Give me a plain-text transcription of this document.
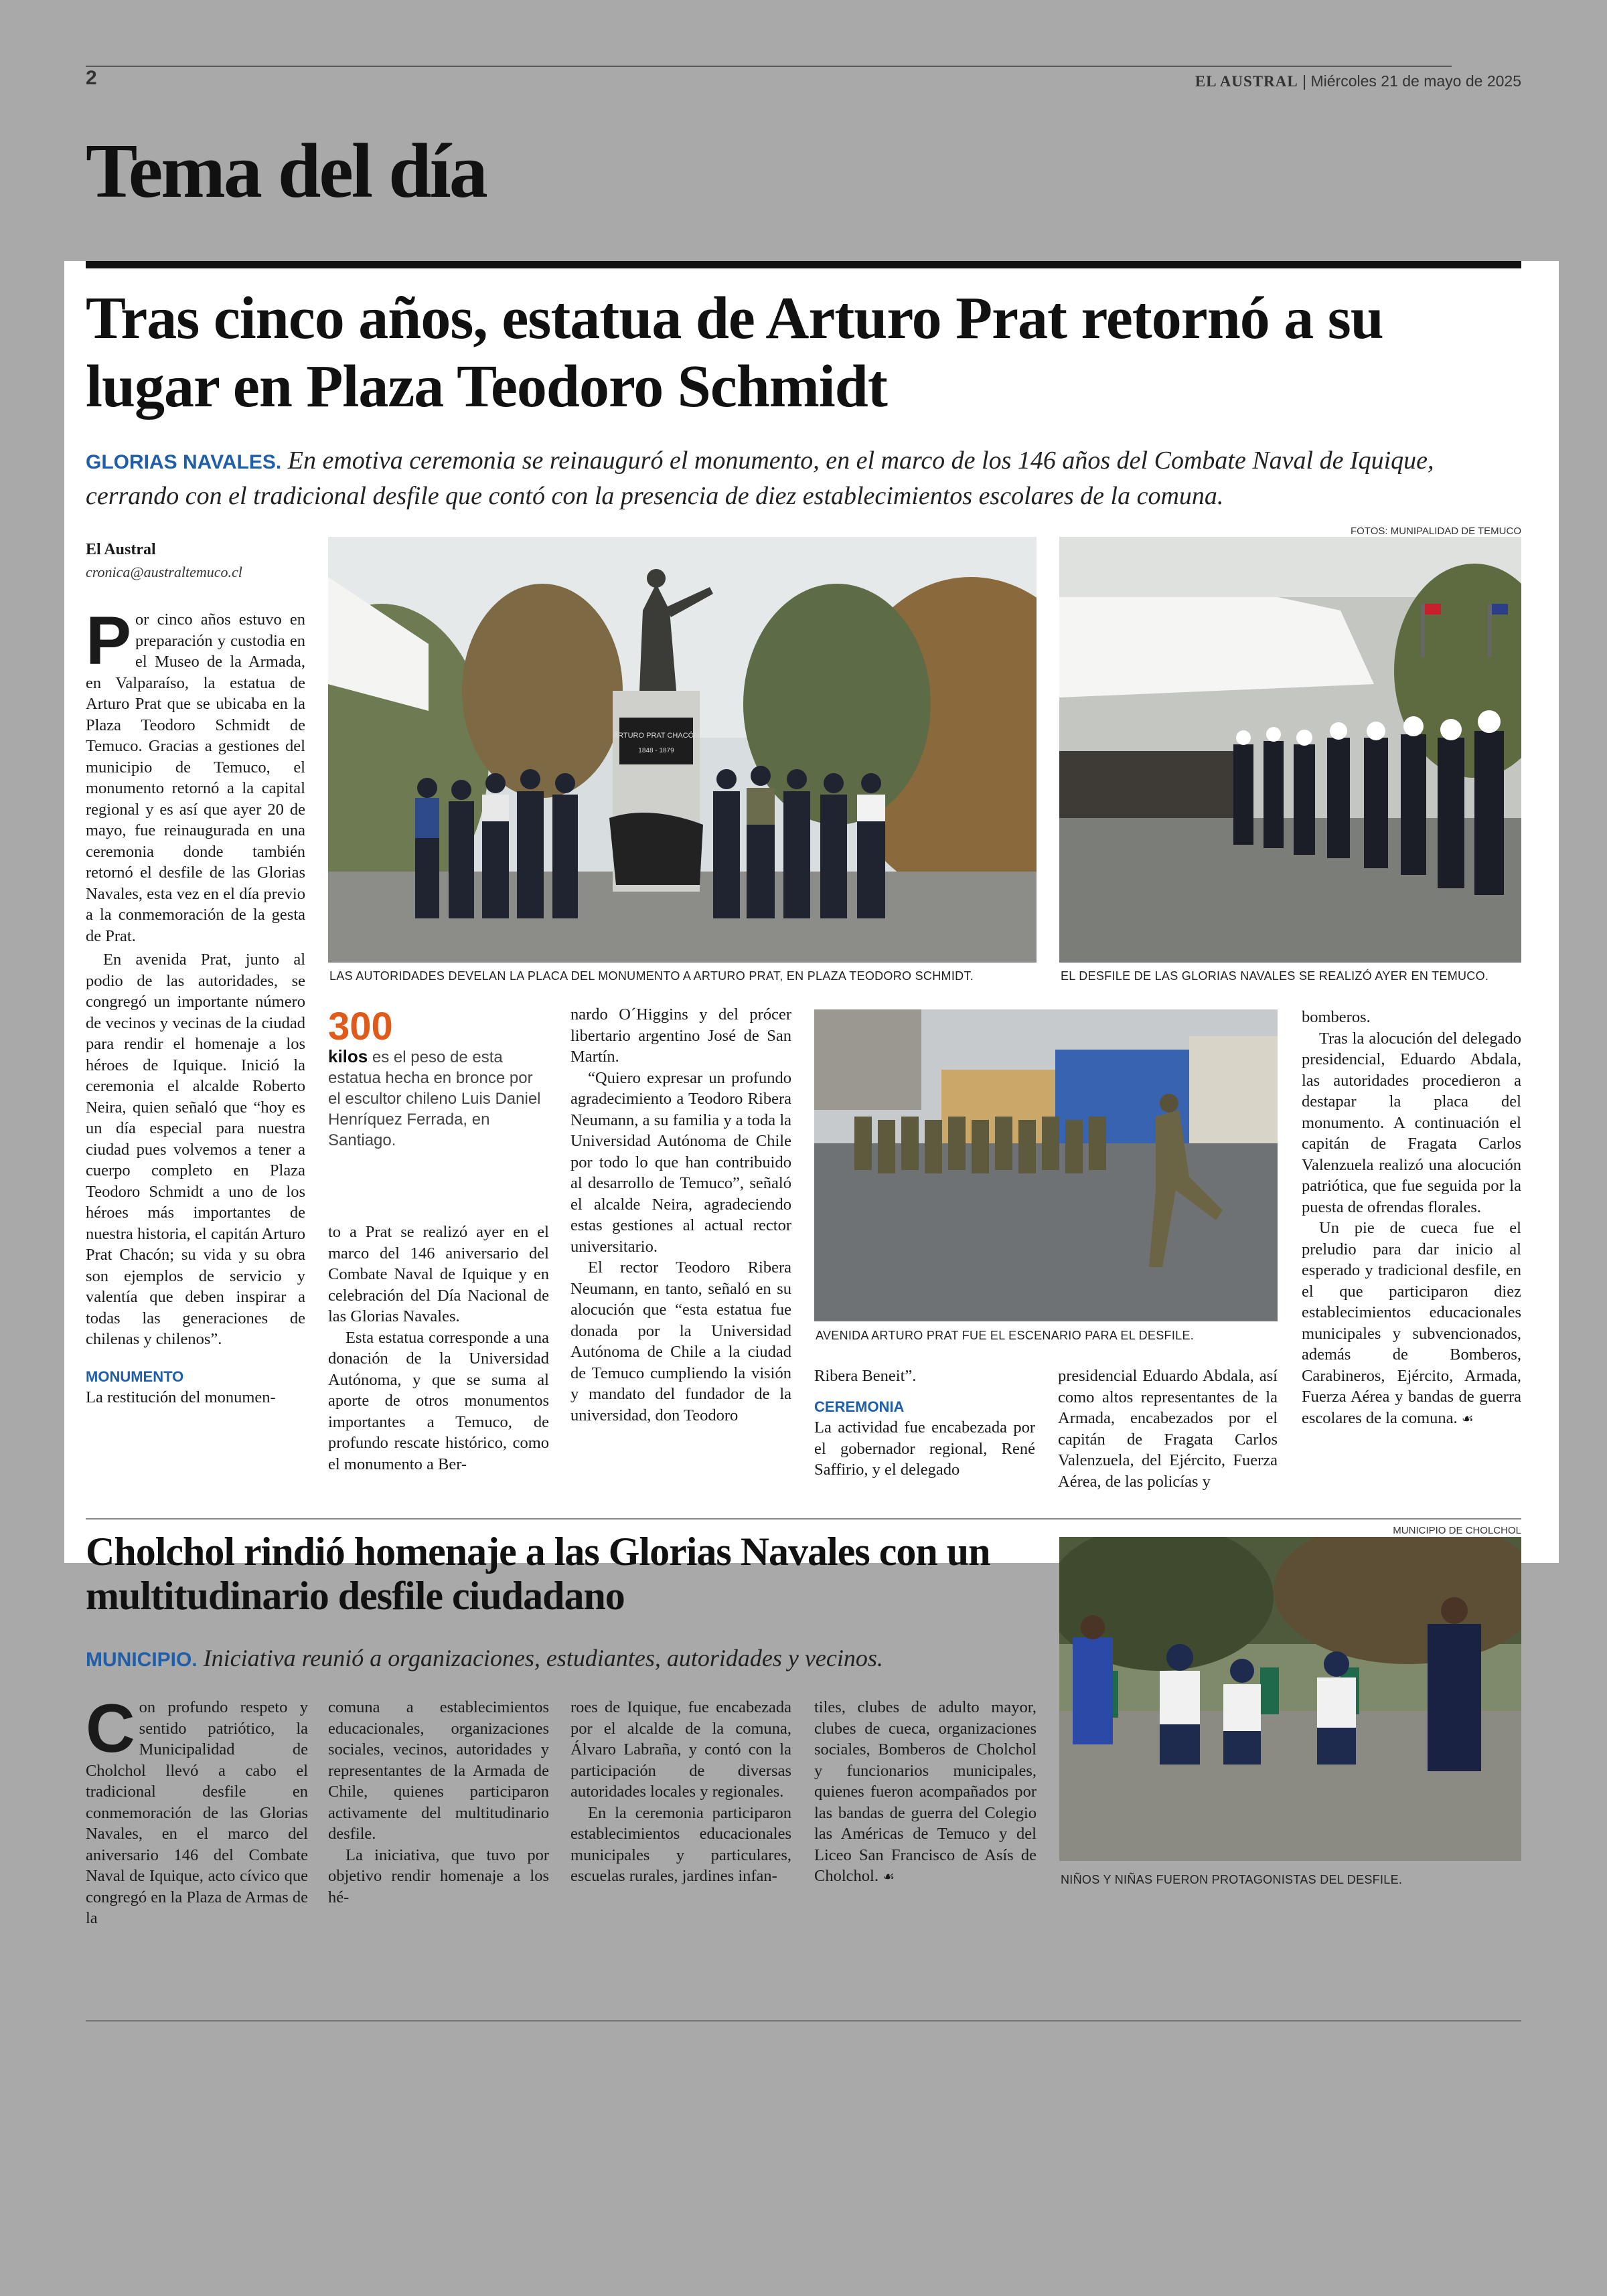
2	EL AUSTRAL | Miércoles 21 de mayo de 2025
Tema del día
Tras cinco años, estatua de Arturo Prat retornó a su lugar en Plaza Teodoro Schmidt
GLORIAS NAVALES. En emotiva ceremonia se reinauguró el monumento, en el marco de los 146 años del Combate Naval de Iquique, cerrando con el tradicional desfile que contó con la presencia de diez establecimientos escolares de la comuna.
FOTOS: MUNIPALIDAD DE TEMUCO
El Austral
cronica@australtemuco.cl
ARTURO PRAT CHACÓN
1848 - 1879
LAS AUTORIDADES DEVELAN LA PLACA DEL MONUMENTO A ARTURO PRAT, EN PLAZA TEODORO SCHMIDT.	EL DESFILE DE LAS GLORIAS NAVALES SE REALIZÓ AYER EN TEMUCO.

Por cinco años estuvo en preparación y custodia en el Museo de la Armada, en Valparaíso, la estatua de Arturo Prat que se ubicaba en la Plaza Teodoro Schmidt de Temuco. Gracias a gestiones del municipio de Temuco, el monumento retornó a la capital regional y es así que ayer 20 de mayo, fue reinaugurada en una ceremonia donde también retornó el desfile de las Glorias Navales, esta vez en el día previo a la conmemoración de la gesta de Prat.

En avenida Prat, junto al podio de las autoridades, se congregó un importante número de vecinos y vecinas de la ciudad para rendir el homenaje a los héroes de Iquique. Inició la ceremonia el alcalde Roberto Neira, quien señaló que “hoy es un día especial para nuestra ciudad pues volvemos a tener a cuerpo completo en Plaza Teodoro Schmidt a uno de los héroes más importantes de nuestra historia, el capitán Arturo Prat Chacón; su vida y su obra son ejemplos de servicio y valentía que deben inspirar a todas las generaciones de chilenas y chilenos”.

MONUMENTO

La restitución del monumen-

300
kilos es el peso de esta estatua hecha en bronce por el escultor chileno Luis Daniel Henríquez Ferrada, en Santiago.

to a Prat se realizó ayer en el marco del 146 aniversario del Combate Naval de Iquique y en celebración del Día Nacional de las Glorias Navales.

Esta estatua corresponde a una donación de la Universidad Autónoma, y que se suma al aporte de otros monumentos importantes a Temuco, de profundo rescate histórico, como el monumento a Ber-

nardo O´Higgins y del prócer libertario argentino José de San Martín.

“Quiero expresar un profundo agradecimiento a Teodoro Ribera Neumann, a su familia y a toda la Universidad Autónoma de Chile por todo lo que han contribuido al desarrollo de Temuco”, señaló el alcalde Neira, agradeciendo estas gestiones al actual rector universitario.

El rector Teodoro Ribera Neumann, en tanto, señaló en su alocución que “esta estatua fue donada por la Universidad Autónoma de Chile a la ciudad de Temuco cumpliendo la visión y mandato del fundador de la universidad, don Teodoro

AVENIDA ARTURO PRAT FUE EL ESCENARIO PARA EL DESFILE.

Ribera Beneit”.

CEREMONIA

La actividad fue encabezada por el gobernador regional, René Saffirio, y el delegado

presidencial Eduardo Abdala, así como altos representantes de la Armada, encabezados por el capitán de Fragata Carlos Valenzuela, del Ejército, Fuerza Aérea, de las policías y

bomberos.

Tras la alocución del delegado presidencial, Eduardo Abdala, las autoridades procedieron a destapar la placa del monumento. A continuación el capitán de Fragata Carlos Valenzuela realizó una alocución patriótica, que fue seguida por la puesta de ofrendas florales.

Un pie de cueca fue el preludio para dar inicio al esperado y tradicional desfile, en el que participaron diez establecimientos educacionales municipales y subvencionados, además de Bomberos, Carabineros, Ejército, Armada, Fuerza Aérea y bandas de guerra escolares de la comuna. ☙

MUNICIPIO DE CHOLCHOL
Cholchol rindió homenaje a las Glorias Navales con un multitudinario desfile ciudadano
MUNICIPIO. Iniciativa reunió a organizaciones, estudiantes, autoridades y vecinos.

Con profundo respeto y sentido patriótico, la Municipalidad de Cholchol llevó a cabo el tradicional desfile en conmemoración de las Glorias Navales, en el marco del aniversario 146 del Combate Naval de Iquique, acto cívico que congregó en la Plaza de Armas de la

comuna a establecimientos educacionales, organizaciones sociales, vecinos, autoridades y representantes de la Armada de Chile, quienes participaron activamente del multitudinario desfile.

La iniciativa, que tuvo por objetivo rendir homenaje a los hé-

roes de Iquique, fue encabezada por el alcalde de la comuna, Álvaro Labraña, y contó con la participación de diversas autoridades locales y regionales.

En la ceremonia participaron establecimientos educacionales municipales y particulares, escuelas rurales, jardines infan-

tiles, clubes de adulto mayor, clubes de cueca, organizaciones sociales, Bomberos de Cholchol y funcionarios municipales, quienes fueron acompañados por las bandas de guerra del Colegio las Américas de Temuco y del Liceo San Francisco de Asís de Cholchol. ☙	NIÑOS Y NIÑAS FUERON PROTAGONISTAS DEL DESFILE.
